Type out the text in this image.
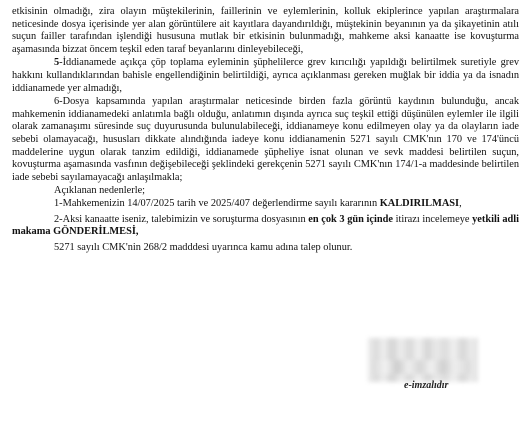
etkisinin olmadığı, zira olayın müştekilerinin, faillerinin ve eylemlerinin, kolluk ekiplerince yapılan araştırmalara neticesinde dosya içerisinde yer alan görüntülere ait kayıtlara dayandırıldığı, müştekinin beyanının ya da şikayetinin atılı suçun failler tarafından işlendiği hususuna mutlak bir etkisinin bulunmadığı, mahkeme aksi kanaatte ise kovuşturma aşamasında bizzat öncem teşkil eden taraf beyanlarını dinleyebileceği,

5-İddianamede açıkça çöp toplama eyleminin şüphelilerce grev kırıcılığı yapıldığı belirtilmek suretiyle grev hakkını kullandıklarından bahisle engellendiğinin belirtildiği, ayrıca açıklanması gereken muğlak bir iddia ya da isnadın iddianamede yer almadığı,

6-Dosya kapsamında yapılan araştırmalar neticesinde birden fazla görüntü kaydının bulunduğu, ancak mahkemenin iddianamedeki anlatımla bağlı olduğu, anlatımın dışında ayrıca suç teşkil ettiği düşünülen eylemler ile ilgili olarak zamanaşımı süresinde suç duyurusunda bulunulabileceği, iddianameye konu edilmeyen olay ya da olayların iade sebebi olamayacağı, hususları dikkate alındığında iadeye konu iddianamenin 5271 sayılı CMK'nın 170 ve 174'üncü maddelerine uygun olarak tanzim edildiği, iddianamede şüpheliye isnat olunan ve sevk maddesi belirtilen suçun, kovuşturma aşamasında vasfının değişebileceği şeklindeki gerekçenin 5271 sayılı CMK'nın 174/1-a maddesinde belirtilen iade sebebi sayılamayacağı anlaşılmakla;

Açıklanan nedenlerle;

1-Mahkemenizin 14/07/2025 tarih ve 2025/407 değerlendirme sayılı kararının KALDIRILMASI,

2-Aksi kanaatte iseniz, talebimizin ve soruşturma dosyasının en çok 3 gün içinde itirazı incelemeye yetkili adli makama GÖNDERİLMESİ,

5271 sayılı CMK'nin 268/2 madddesi uyarınca kamu adına talep olunur.

e-imzalıdır
